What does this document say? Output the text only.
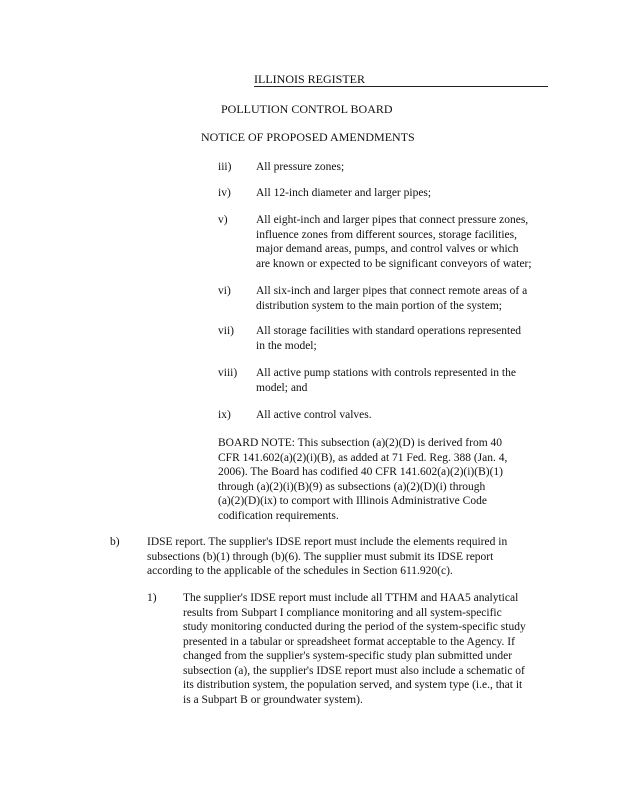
ILLINOIS REGISTER
POLLUTION CONTROL BOARD
NOTICE OF PROPOSED AMENDMENTS
iii) All pressure zones;
iv) All 12-inch diameter and larger pipes;
v) All eight-inch and larger pipes that connect pressure zones,
influence zones from different sources, storage facilities,
major demand areas, pumps, and control valves or which
are known or expected to be significant conveyors of water;
vi) All six-inch and larger pipes that connect remote areas of a
distribution system to the main portion of the system;
vii) All storage facilities with standard operations represented
in the model;
viii) All active pump stations with controls represented in the
model; and
ix) All active control valves.
BOARD NOTE: This subsection (a)(2)(D) is derived from 40
CFR 141.602(a)(2)(i)(B), as added at 71 Fed. Reg. 388 (Jan. 4,
2006). The Board has codified 40 CFR 141.602(a)(2)(i)(B)(1)
through (a)(2)(i)(B)(9) as subsections (a)(2)(D)(i) through
(a)(2)(D)(ix) to comport with Illinois Administrative Code
codification requirements.
b) IDSE report. The supplier's IDSE report must include the elements required in
subsections (b)(1) through (b)(6). The supplier must submit its IDSE report
according to the applicable of the schedules in Section 611.920(c).
1) The supplier's IDSE report must include all TTHM and HAA5 analytical
results from Subpart I compliance monitoring and all system-specific
study monitoring conducted during the period of the system-specific study
presented in a tabular or spreadsheet format acceptable to the Agency. If
changed from the supplier's system-specific study plan submitted under
subsection (a), the supplier's IDSE report must also include a schematic of
its distribution system, the population served, and system type (i.e., that it
is a Subpart B or groundwater system).
